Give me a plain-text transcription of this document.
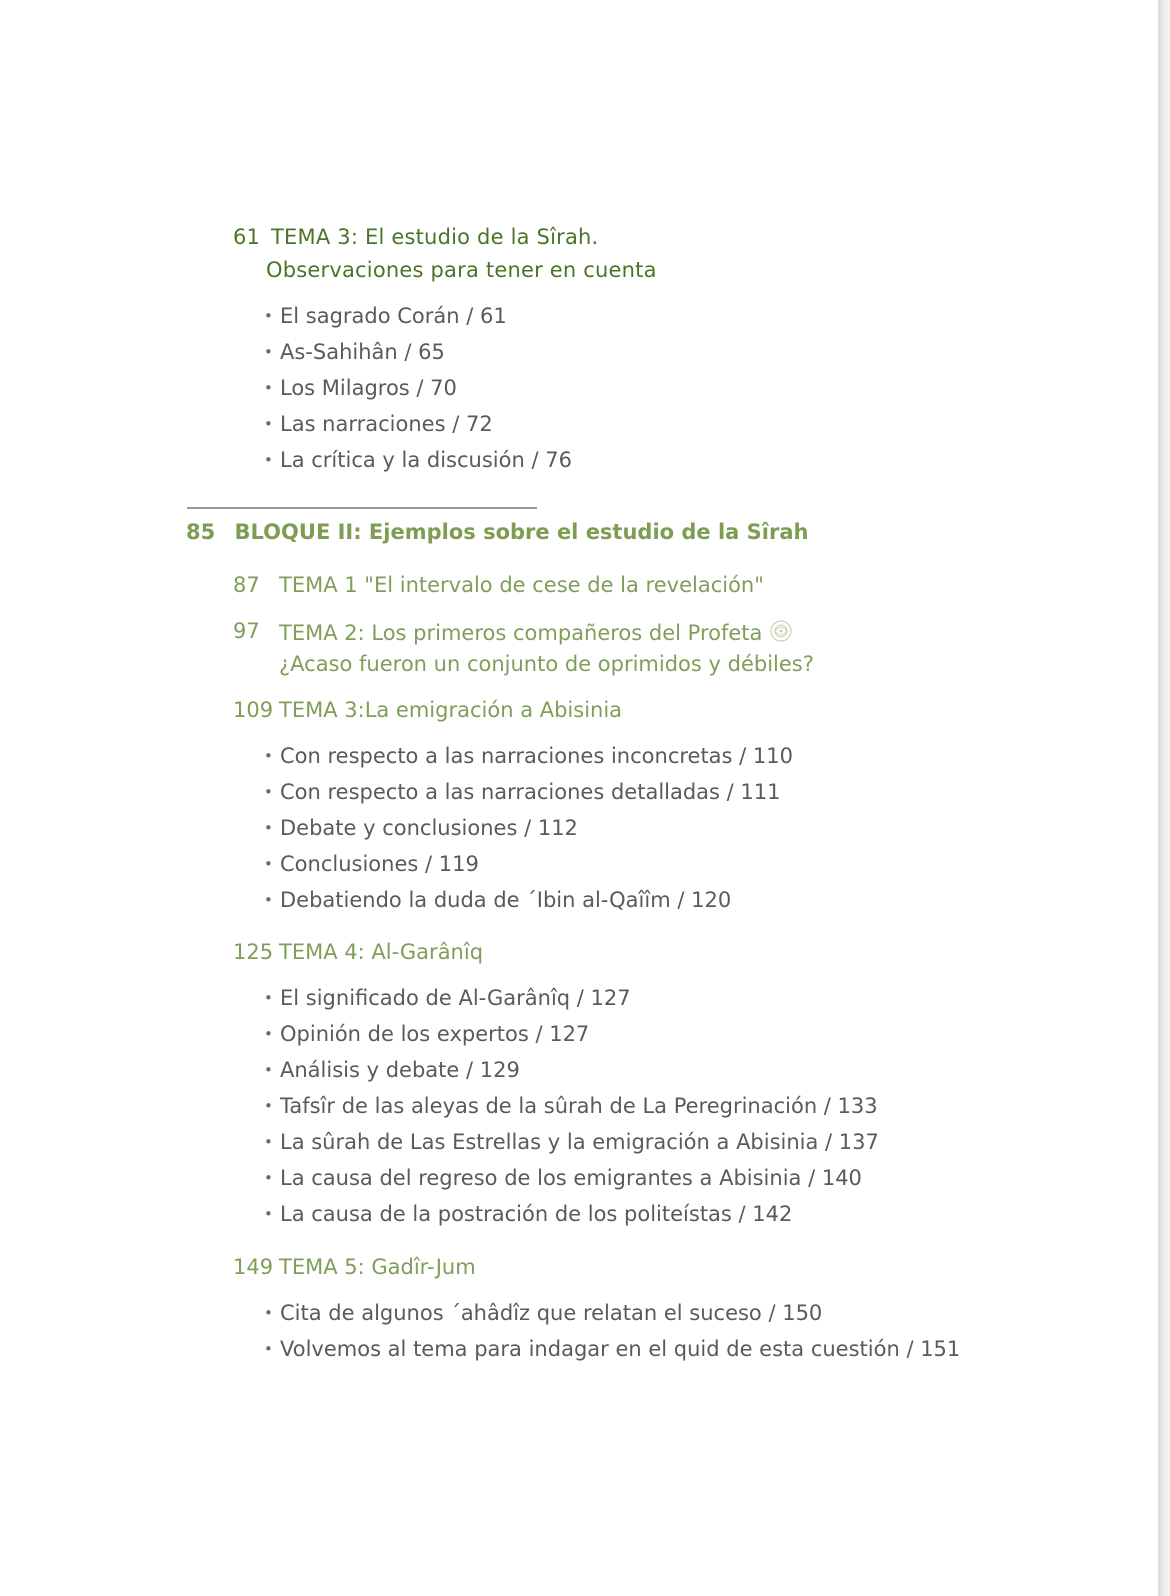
61 TEMA 3: El estudio de la Sîrah.
Observaciones para tener en cuenta
• El sagrado Corán / 61
• As-Sahihân / 65
• Los Milagros / 70
• Las narraciones / 72
• La crítica y la discusión / 76
85 BLOQUE II: Ejemplos sobre el estudio de la Sîrah
87 TEMA 1 "El intervalo de cese de la revelación"
97 TEMA 2: Los primeros compañeros del Profeta
¿Acaso fueron un conjunto de oprimidos y débiles?
109 TEMA 3:La emigración a Abisinia
• Con respecto a las narraciones inconcretas / 110
• Con respecto a las narraciones detalladas / 111
• Debate y conclusiones / 112
• Conclusiones / 119
• Debatiendo la duda de ´Ibin al-Qaîîm / 120
125 TEMA 4: Al-Garânîq
• El significado de Al-Garânîq / 127
• Opinión de los expertos / 127
• Análisis y debate / 129
• Tafsîr de las aleyas de la sûrah de La Peregrinación / 133
• La sûrah de Las Estrellas y la emigración a Abisinia / 137
• La causa del regreso de los emigrantes a Abisinia / 140
• La causa de la postración de los politeístas / 142
149 TEMA 5: Gadîr-Jum
• Cita de algunos ´ahâdîz que relatan el suceso / 150
• Volvemos al tema para indagar en el quid de esta cuestión / 151
